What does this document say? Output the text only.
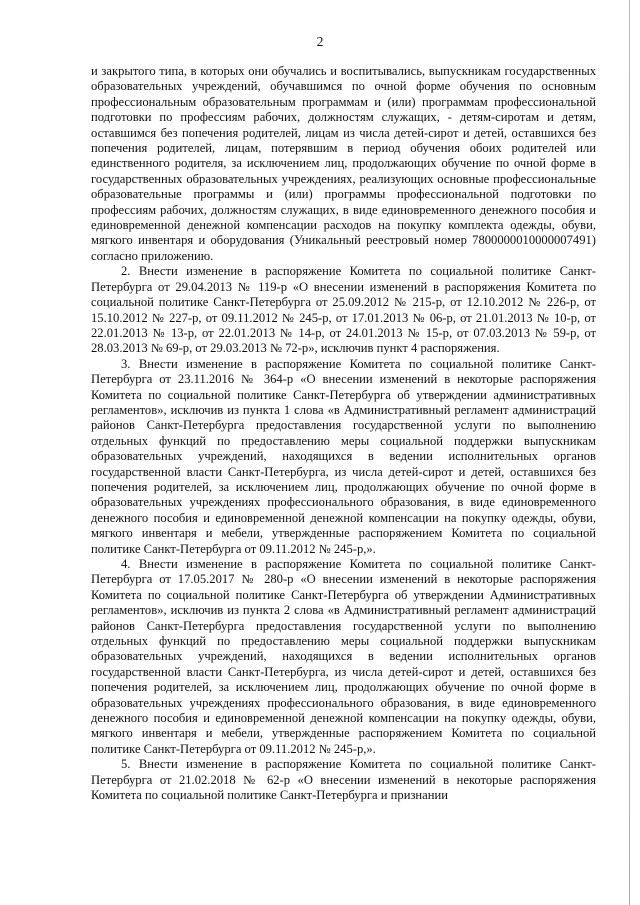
2

и закрытого типа, в которых они обучались и воспитывались, выпускникам государственных образовательных учреждений, обучавшимся по очной форме обучения по основным профессиональным образовательным программам и (или) программам профессиональной подготовки по профессиям рабочих, должностям служащих, - детям-сиротам и детям, оставшимся без попечения родителей, лицам из числа детей-сирот и детей, оставшихся без попечения родителей, лицам, потерявшим в период обучения обоих родителей или единственного родителя, за исключением лиц, продолжающих обучение по очной форме в государственных образовательных учреждениях, реализующих основные профессиональные образовательные программы и (или) программы профессиональной подготовки по профессиям рабочих, должностям служащих, в виде единовременного денежного пособия и единовременной денежной компенсации расходов на покупку комплекта одежды, обуви, мягкого инвентаря и оборудования (Уникальный реестровый номер 7800000010000007491) согласно приложению.

2. Внести изменение в распоряжение Комитета по социальной политике Санкт-Петербурга от 29.04.2013 № 119-р «О внесении изменений в распоряжения Комитета по социальной политике Санкт-Петербурга от 25.09.2012 № 215-р, от 12.10.2012 № 226-р, от 15.10.2012 № 227-р, от 09.11.2012 № 245-р, от 17.01.2013 № 06-р, от 21.01.2013 № 10-р, от 22.01.2013 № 13-р, от 22.01.2013 № 14-р, от 24.01.2013 № 15-р, от 07.03.2013 № 59-р, от 28.03.2013 № 69-р, от 29.03.2013 № 72-р», исключив пункт 4 распоряжения.

3. Внести изменение в распоряжение Комитета по социальной политике Санкт-Петербурга от 23.11.2016 № 364-р «О внесении изменений в некоторые распоряжения Комитета по социальной политике Санкт-Петербурга об утверждении административных регламентов», исключив из пункта 1 слова «в Административный регламент администраций районов Санкт-Петербурга предоставления государственной услуги по выполнению отдельных функций по предоставлению меры социальной поддержки выпускникам образовательных учреждений, находящихся в ведении исполнительных органов государственной власти Санкт-Петербурга, из числа детей-сирот и детей, оставшихся без попечения родителей, за исключением лиц, продолжающих обучение по очной форме в образовательных учреждениях профессионального образования, в виде единовременного денежного пособия и единовременной денежной компенсации на покупку одежды, обуви, мягкого инвентаря и мебели, утвержденные распоряжением Комитета по социальной политике Санкт-Петербурга от 09.11.2012 № 245-р,».

4. Внести изменение в распоряжение Комитета по социальной политике Санкт-Петербурга от 17.05.2017 № 280-р «О внесении изменений в некоторые распоряжения Комитета по социальной политике Санкт-Петербурга об утверждении Административных регламентов», исключив из пункта 2 слова «в Административный регламент администраций районов Санкт-Петербурга предоставления государственной услуги по выполнению отдельных функций по предоставлению меры социальной поддержки выпускникам образовательных учреждений, находящихся в ведении исполнительных органов государственной власти Санкт-Петербурга, из числа детей-сирот и детей, оставшихся без попечения родителей, за исключением лиц, продолжающих обучение по очной форме в образовательных учреждениях профессионального образования, в виде единовременного денежного пособия и единовременной денежной компенсации на покупку одежды, обуви, мягкого инвентаря и мебели, утвержденные распоряжением Комитета по социальной политике Санкт-Петербурга от 09.11.2012 № 245-р,».

5. Внести изменение в распоряжение Комитета по социальной политике Санкт-Петербурга от 21.02.2018 № 62-р «О внесении изменений в некоторые распоряжения Комитета по социальной политике Санкт-Петербурга и признании
